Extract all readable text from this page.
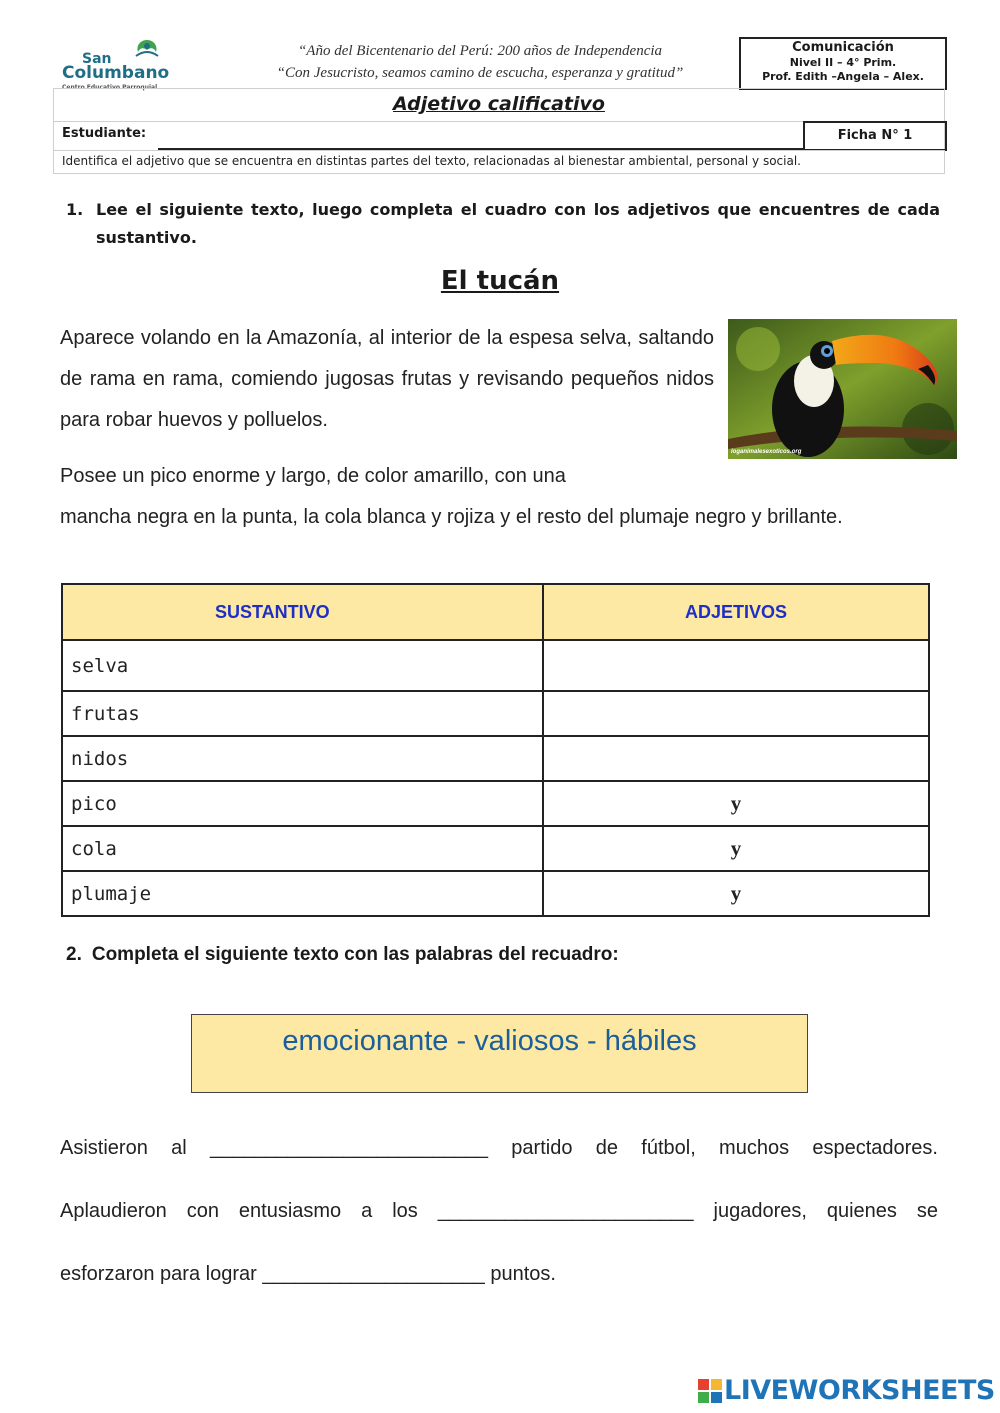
San
Columbano
Centro Educativo Parroquial
“Año del Bicentenario del Perú: 200 años de Independencia
“Con Jesucristo, seamos camino de escucha, esperanza y gratitud”
Comunicación
Nivel II – 4° Prim.
Prof. Edith –Angela – Alex.
Adjetivo calificativo
Estudiante:	Ficha N° 1
Identifica el adjetivo que se encuentra en distintas partes del texto, relacionadas al bienestar ambiental, personal y social.
1. Lee el siguiente texto, luego completa el cuadro con los adjetivos que encuentres de cada sustantivo.
El tucán
Aparece volando en la Amazonía, al interior de la espesa selva, saltando de rama en rama, comiendo jugosas frutas y revisando pequeños nidos para robar huevos y polluelos.
Posee un pico enorme y largo, de color amarillo, con una
mancha negra en la punta, la cola blanca y rojiza y el resto del plumaje negro y brillante.
loganimalesexoticos.org
SUSTANTIVO	ADJETIVOS
selva	
frutas	
nidos	
pico	y
cola	y
plumaje	y
2. Completa el siguiente texto con las palabras del recuadro:
emocionante - valiosos - hábiles
Asistieron al _________________________ partido de fútbol, muchos espectadores.
Aplaudieron con entusiasmo a los _______________________ jugadores, quienes se
esforzaron para lograr ____________________ puntos.
LIVEWORKSHEETS
